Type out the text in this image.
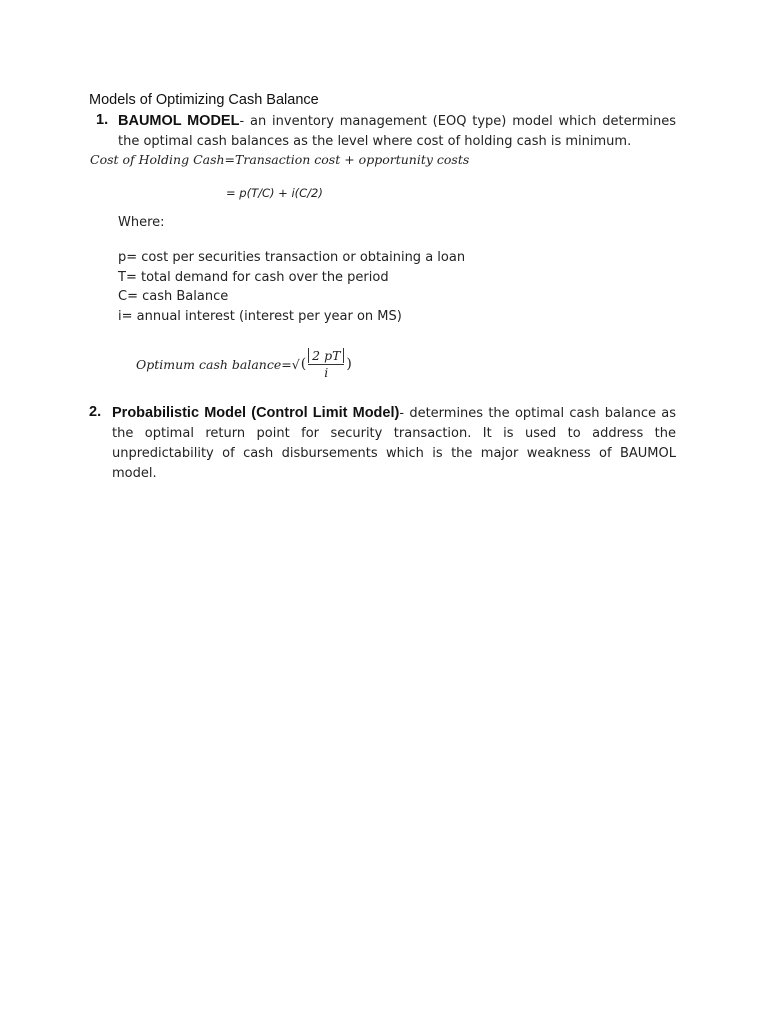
Models of Optimizing Cash Balance
1. BAUMOL MODEL- an inventory management (EOQ type) model which determines the optimal cash balances as the level where cost of holding cash is minimum.
Cost of Holding Cash=Transaction cost + opportunity costs
= p(T/C) + i(C/2)
Where:
p= cost per securities transaction or obtaining a loan
T= total demand for cash over the period
C= cash Balance
i= annual interest (interest per year on MS)
Optimum cash balance=√ ( $\frac{2 pT}{i}$ )
2. Probabilistic Model (Control Limit Model)- determines the optimal cash balance as the optimal return point for security transaction. It is used to address the unpredictability of cash disbursements which is the major weakness of BAUMOL model.
